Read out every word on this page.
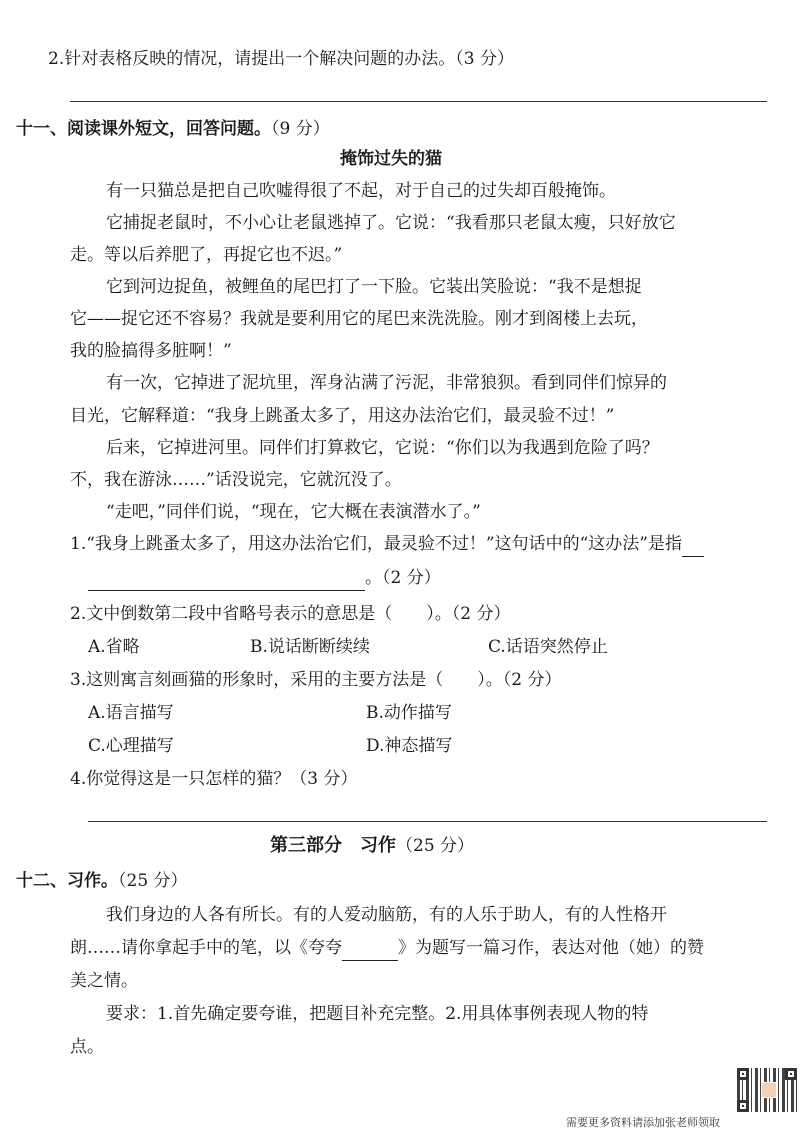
2.针对表格反映的情况，请提出一个解决问题的办法。（3 分）
十一、阅读课外短文，回答问题。（9 分）
掩饰过失的猫
有一只猫总是把自己吹嘘得很了不起，对于自己的过失却百般掩饰。
它捕捉老鼠时，不小心让老鼠逃掉了。它说：“我看那只老鼠太瘦，只好放它
走。等以后养肥了，再捉它也不迟。”
它到河边捉鱼，被鲤鱼的尾巴打了一下脸。它装出笑脸说：“我不是想捉
它——捉它还不容易？我就是要利用它的尾巴来洗洗脸。刚才到阁楼上去玩，
我的脸搞得多脏啊！”
有一次，它掉进了泥坑里，浑身沾满了污泥，非常狼狈。看到同伴们惊异的
目光，它解释道：“我身上跳蚤太多了，用这办法治它们，最灵验不过！”
后来，它掉进河里。同伴们打算救它，它说：“你们以为我遇到危险了吗？
不，我在游泳……”话没说完，它就沉没了。
“走吧，”同伴们说，“现在，它大概在表演潜水了。”
1.“我身上跳蚤太多了，用这办法治它们，最灵验不过！”这句话中的“这办法”是指
。（2 分）
2.文中倒数第二段中省略号表示的意思是（ ）。（2 分）
A.省略	B.说话断断续续	C.话语突然停止
3.这则寓言刻画猫的形象时，采用的主要方法是（ ）。（2 分）
A.语言描写	B.动作描写
C.心理描写	D.神态描写
4.你觉得这是一只怎样的猫？（3 分）
第三部分　习作（25 分）
十二、习作。（25 分）
我们身边的人各有所长。有的人爱动脑筋，有的人乐于助人，有的人性格开
朗……请你拿起手中的笔，以《夸夸	》为题写一篇习作，表达对他（她）的赞
美之情。
要求：1.首先确定要夸谁，把题目补充完整。2.用具体事例表现人物的特
点。
需要更多资料请添加张老师领取
